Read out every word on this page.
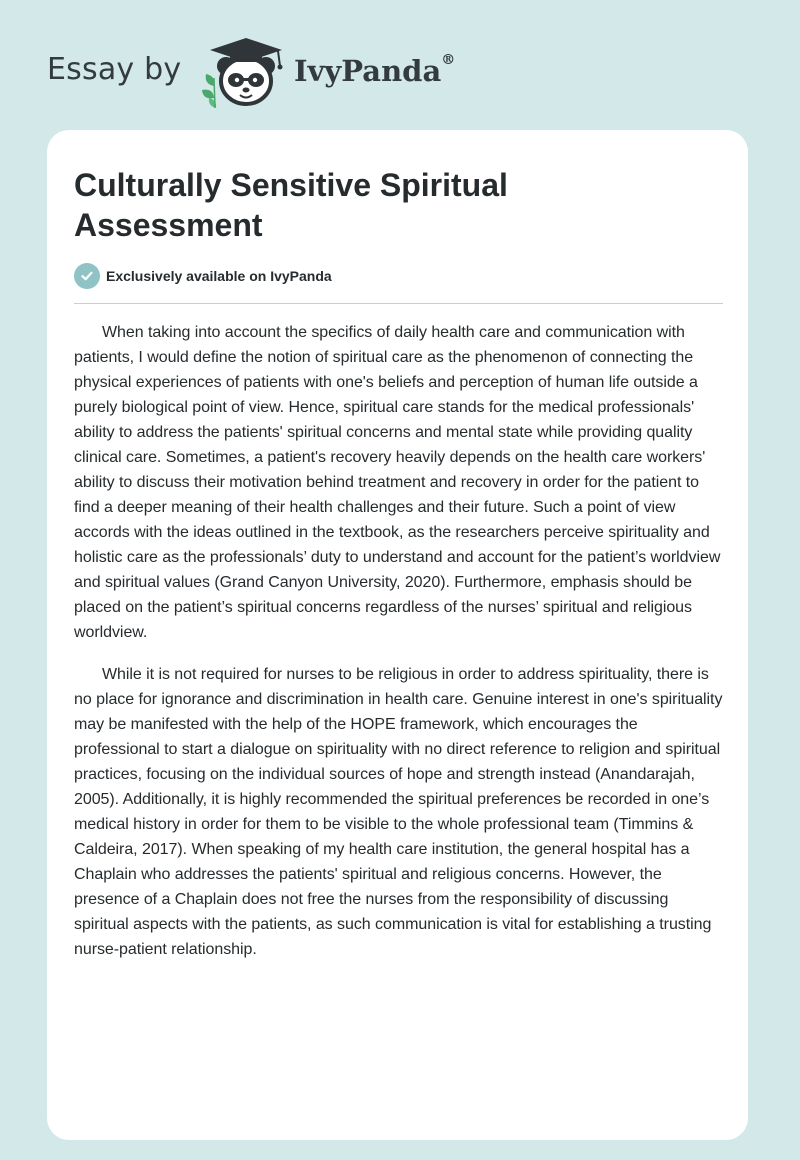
Essay by	IvyPanda®
Culturally Sensitive Spiritual Assessment
Exclusively available on IvyPanda

When taking into account the specifics of daily health care and communication with patients, I would define the notion of spiritual care as the phenomenon of connecting the physical experiences of patients with one's beliefs and perception of human life outside a purely biological point of view. Hence, spiritual care stands for the medical professionals' ability to address the patients' spiritual concerns and mental state while providing quality clinical care. Sometimes, a patient's recovery heavily depends on the health care workers' ability to discuss their motivation behind treatment and recovery in order for the patient to find a deeper meaning of their health challenges and their future. Such a point of view accords with the ideas outlined in the textbook, as the researchers perceive spirituality and holistic care as the professionals’ duty to understand and account for the patient’s worldview and spiritual values (Grand Canyon University, 2020). Furthermore, emphasis should be placed on the patient’s spiritual concerns regardless of the nurses’ spiritual and religious worldview.

While it is not required for nurses to be religious in order to address spirituality, there is no place for ignorance and discrimination in health care. Genuine interest in one's spirituality may be manifested with the help of the HOPE framework, which encourages the professional to start a dialogue on spirituality with no direct reference to religion and spiritual practices, focusing on the individual sources of hope and strength instead (Anandarajah, 2005). Additionally, it is highly recommended the spiritual preferences be recorded in one’s medical history in order for them to be visible to the whole professional team (Timmins & Caldeira, 2017). When speaking of my health care institution, the general hospital has a Chaplain who addresses the patients' spiritual and religious concerns. However, the presence of a Chaplain does not free the nurses from the responsibility of discussing spiritual aspects with the patients, as such communication is vital for establishing a trusting nurse-patient relationship.
